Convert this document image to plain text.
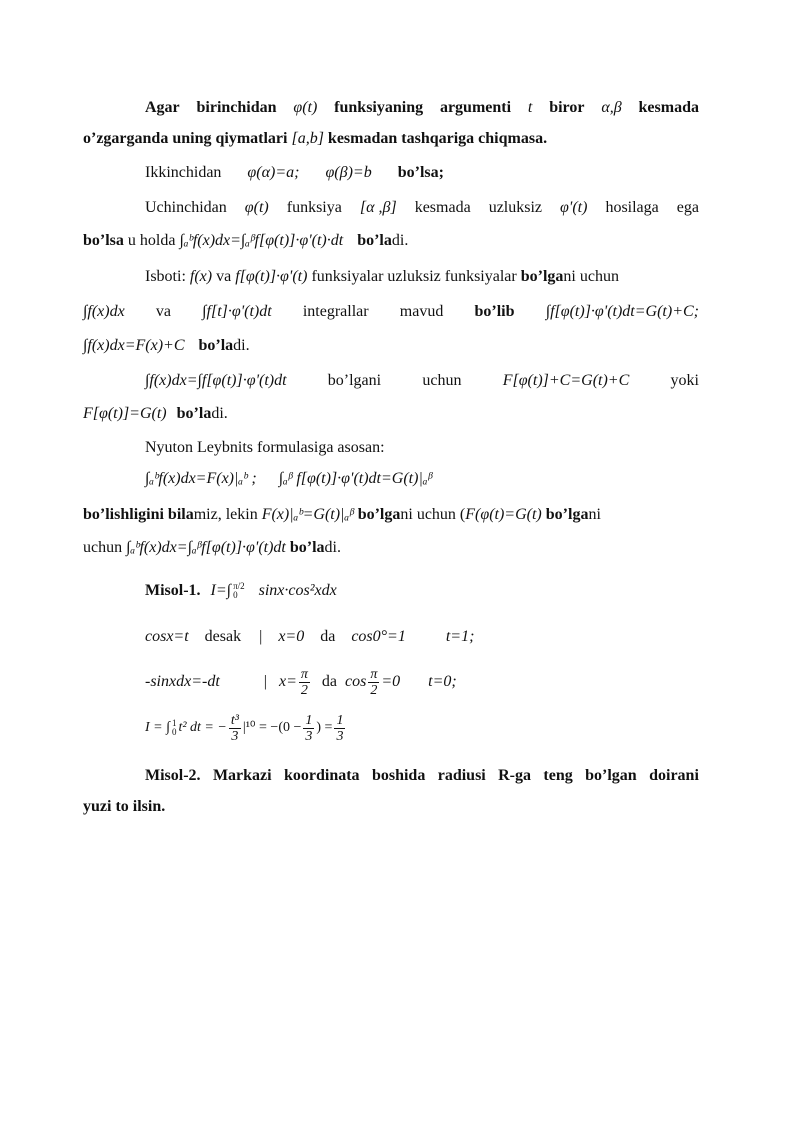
Agar birinchidan φ(t) funksiyaning argumenti t biror α,β kesmada
o’zgarganda uning qiymatlari [a,b] kesmadan tashqariga chiqmasa.
Ikkinchidan φ(α)=a; φ(β)=b bo’lsa;
Uchinchidan φ(t) funksiya [α ,β] kesmada uzluksiz φ'(t) hosilaga ega
bo’lsa u holda ∫ₐᵇf(x)dx=∫ₐᵝf[φ(t)]·φ'(t)·dt bo’ladi.
Isboti: f(x) va f[φ(t)]·φ'(t) funksiyalar uzluksiz funksiyalar bo’lgani uchun
∫f(x)dx va ∫f[t]·φ'(t)dt integrallar mavud bo’lib ∫f[φ(t)]·φ'(t)dt=G(t)+C;
∫f(x)dx=F(x)+C bo’ladi.
∫f(x)dx=∫f[φ(t)]·φ'(t)dt	bo’lgani	uchun	F[φ(t)]+C=G(t)+C	yoki
F[φ(t)]=G(t) bo’ladi.
Nyuton Leybnits formulasiga asosan:
∫ₐᵇf(x)dx=F(x)|ₐᵇ ; ∫ₐᵝ f[φ(t)]·φ'(t)dt=G(t)|ₐᵝ
bo’lishligini bilamiz, lekin F(x)|ₐᵇ=G(t)|ₐᵝ bo’lgani uchun (F(φ(t)=G(t) bo’lgani
uchun ∫ₐᵇf(x)dx=∫ₐᵝf[φ(t)]·φ'(t)dt bo’ladi.
Misol-1. I=∫ π/2
0	sinx·cos²xdx
cosx=t desak | x=0 da cos0°=1	t=1;
-sinxdx=-dt	| $x= \frac{\pi}{2}$ da $\cos \frac{\pi}{2} =0$ t=0;
I = ∫ 1
0 t² dt = − $\frac{\text{t³}}{3} |^{10} = -(0 - \frac{1}{3}$ ) = $\frac{1}{3}$
Misol-2. Markazi koordinata boshida radiusi R-ga teng bo’lgan doirani
yuzi to ilsin.
